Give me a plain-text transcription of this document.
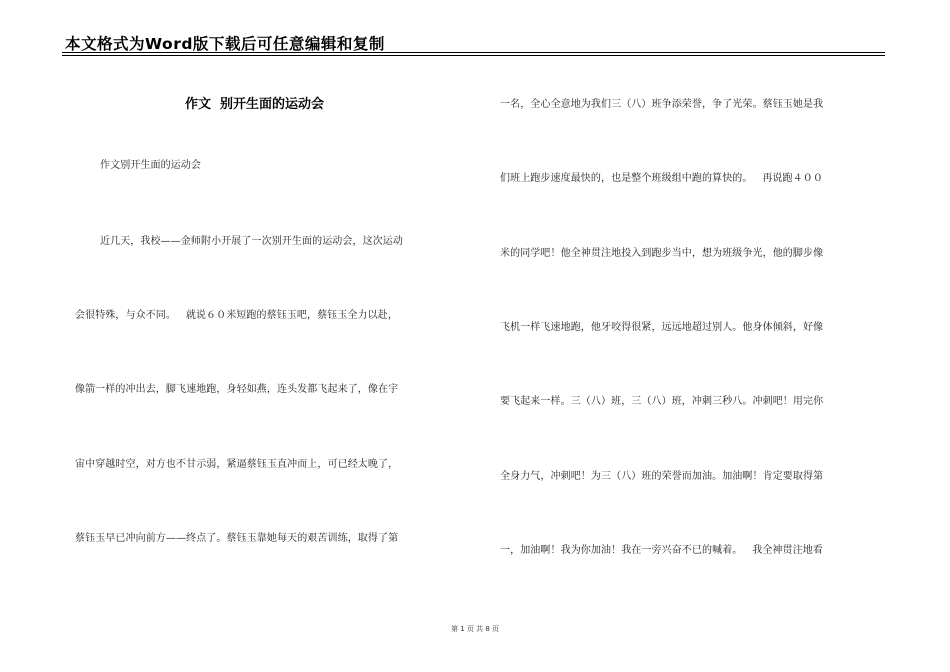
本文格式为Word版下载后可任意编辑和复制
作文  别开生面的运动会
作文别开生面的运动会
近几天，我校——金师附小开展了一次别开生面的运动会，这次运动
会很特殊，与众不同。   就说６０米短跑的蔡钰玉吧，蔡钰玉全力以赴，
像箭一样的冲出去，脚飞速地跑，身轻如燕，连头发都飞起来了，像在宇
宙中穿越时空，对方也不甘示弱，紧逼蔡钰玉直冲而上，可已经太晚了，
蔡钰玉早已冲向前方——终点了。蔡钰玉靠她每天的艰苦训练，取得了第
一名，全心全意地为我们三（八）班争添荣誉，争了光荣。蔡钰玉她是我
们班上跑步速度最快的，也是整个班级组中跑的算快的。   再说跑４００
米的同学吧！他全神贯注地投入到跑步当中，想为班级争光，他的脚步像
飞机一样飞速地跑，他牙咬得很紧，远远地超过别人。他身体倾斜，好像
要飞起来一样。三（八）班，三（八）班，冲刺三秒八。冲刺吧！用完你
全身力气，冲刺吧！为三（八）班的荣誉而加油。加油啊！肯定要取得第
一，加油啊！我为你加油！我在一旁兴奋不已的喊着。   我全神贯注地看
第 1 页 共 8 页
